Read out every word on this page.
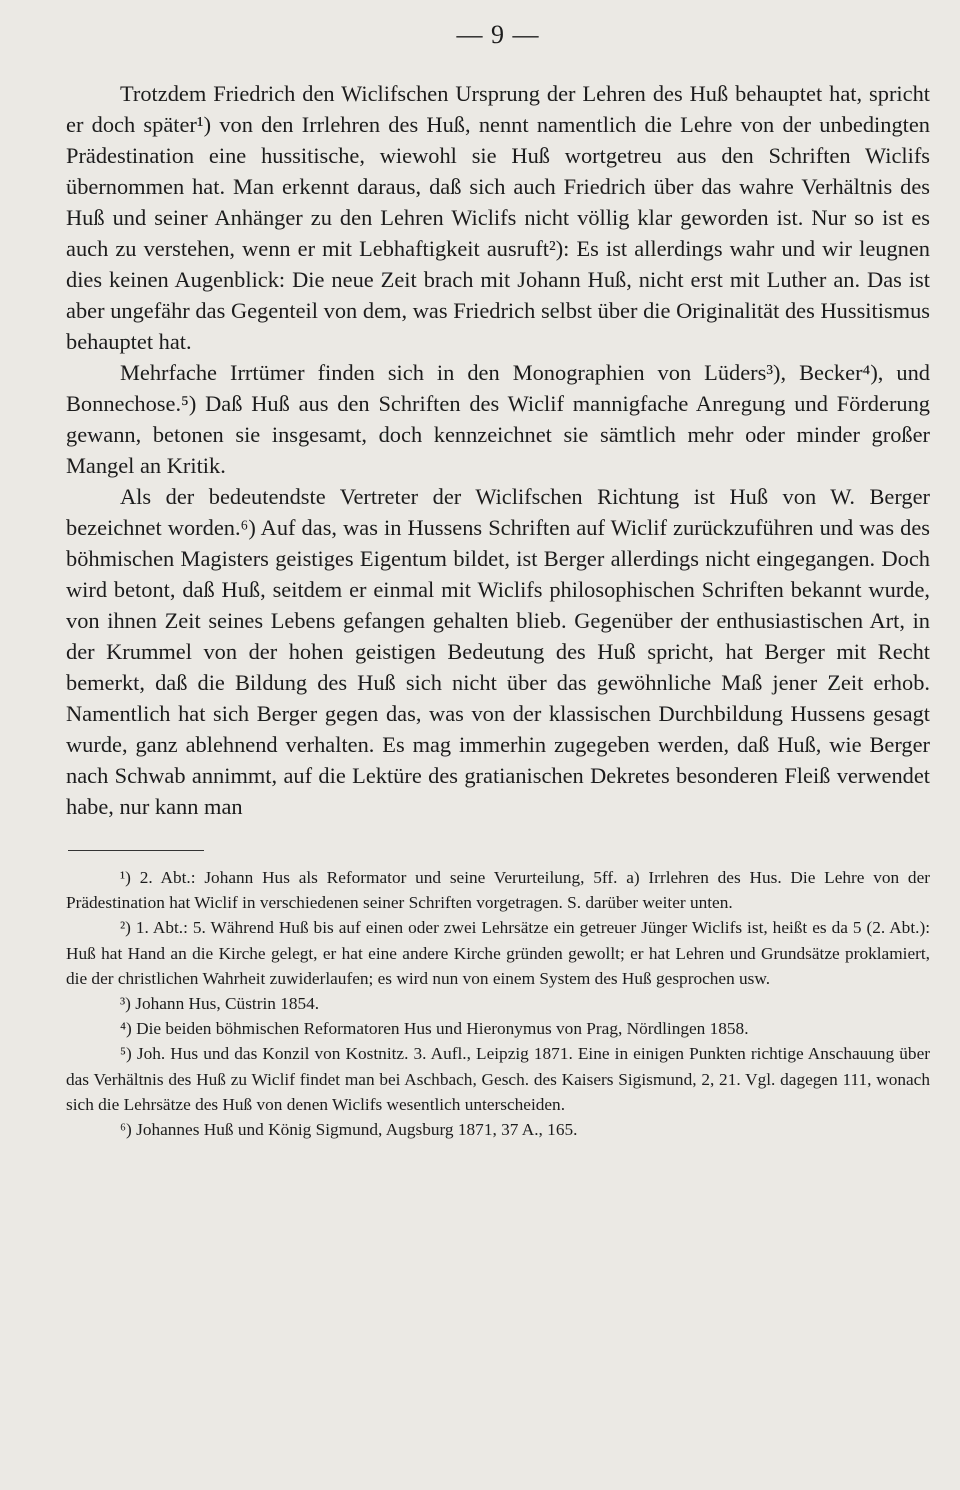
— 9 —

Trotzdem Friedrich den Wiclifschen Ursprung der Lehren des Huß behauptet hat, spricht er doch später¹) von den Irrlehren des Huß, nennt namentlich die Lehre von der unbedingten Prädestination eine hussitische, wiewohl sie Huß wortgetreu aus den Schriften Wiclifs übernommen hat. Man erkennt daraus, daß sich auch Friedrich über das wahre Verhältnis des Huß und seiner Anhänger zu den Lehren Wiclifs nicht völlig klar geworden ist. Nur so ist es auch zu verstehen, wenn er mit Lebhaftigkeit ausruft²): Es ist allerdings wahr und wir leugnen dies keinen Augenblick: Die neue Zeit brach mit Johann Huß, nicht erst mit Luther an. Das ist aber ungefähr das Gegenteil von dem, was Friedrich selbst über die Originalität des Hussitismus behauptet hat.

Mehrfache Irrtümer finden sich in den Monographien von Lüders³), Becker⁴), und Bonnechose.⁵) Daß Huß aus den Schriften des Wiclif mannigfache Anregung und Förderung gewann, betonen sie insgesamt, doch kennzeichnet sie sämtlich mehr oder minder großer Mangel an Kritik.

Als der bedeutendste Vertreter der Wiclifschen Richtung ist Huß von W. Berger bezeichnet worden.⁶) Auf das, was in Hussens Schriften auf Wiclif zurückzuführen und was des böhmischen Magisters geistiges Eigentum bildet, ist Berger allerdings nicht eingegangen. Doch wird betont, daß Huß, seitdem er einmal mit Wiclifs philosophischen Schriften bekannt wurde, von ihnen Zeit seines Lebens gefangen gehalten blieb. Gegenüber der enthusiastischen Art, in der Krummel von der hohen geistigen Bedeutung des Huß spricht, hat Berger mit Recht bemerkt, daß die Bildung des Huß sich nicht über das gewöhnliche Maß jener Zeit erhob. Namentlich hat sich Berger gegen das, was von der klassischen Durchbildung Hussens gesagt wurde, ganz ablehnend verhalten. Es mag immerhin zugegeben werden, daß Huß, wie Berger nach Schwab annimmt, auf die Lektüre des gratianischen Dekretes besonderen Fleiß verwendet habe, nur kann man

¹) 2. Abt.: Johann Hus als Reformator und seine Verurteilung, 5ff. a) Irrlehren des Hus. Die Lehre von der Prädestination hat Wiclif in verschiedenen seiner Schriften vorgetragen. S. darüber weiter unten.

²) 1. Abt.: 5. Während Huß bis auf einen oder zwei Lehrsätze ein getreuer Jünger Wiclifs ist, heißt es da 5 (2. Abt.): Huß hat Hand an die Kirche gelegt, er hat eine andere Kirche gründen gewollt; er hat Lehren und Grundsätze proklamiert, die der christlichen Wahrheit zuwiderlaufen; es wird nun von einem System des Huß gesprochen usw.

³) Johann Hus, Cüstrin 1854.

⁴) Die beiden böhmischen Reformatoren Hus und Hieronymus von Prag, Nördlingen 1858.

⁵) Joh. Hus und das Konzil von Kostnitz. 3. Aufl., Leipzig 1871. Eine in einigen Punkten richtige Anschauung über das Verhältnis des Huß zu Wiclif findet man bei Aschbach, Gesch. des Kaisers Sigismund, 2, 21. Vgl. dagegen 111, wonach sich die Lehrsätze des Huß von denen Wiclifs wesentlich unterscheiden.

⁶) Johannes Huß und König Sigmund, Augsburg 1871, 37 A., 165.
